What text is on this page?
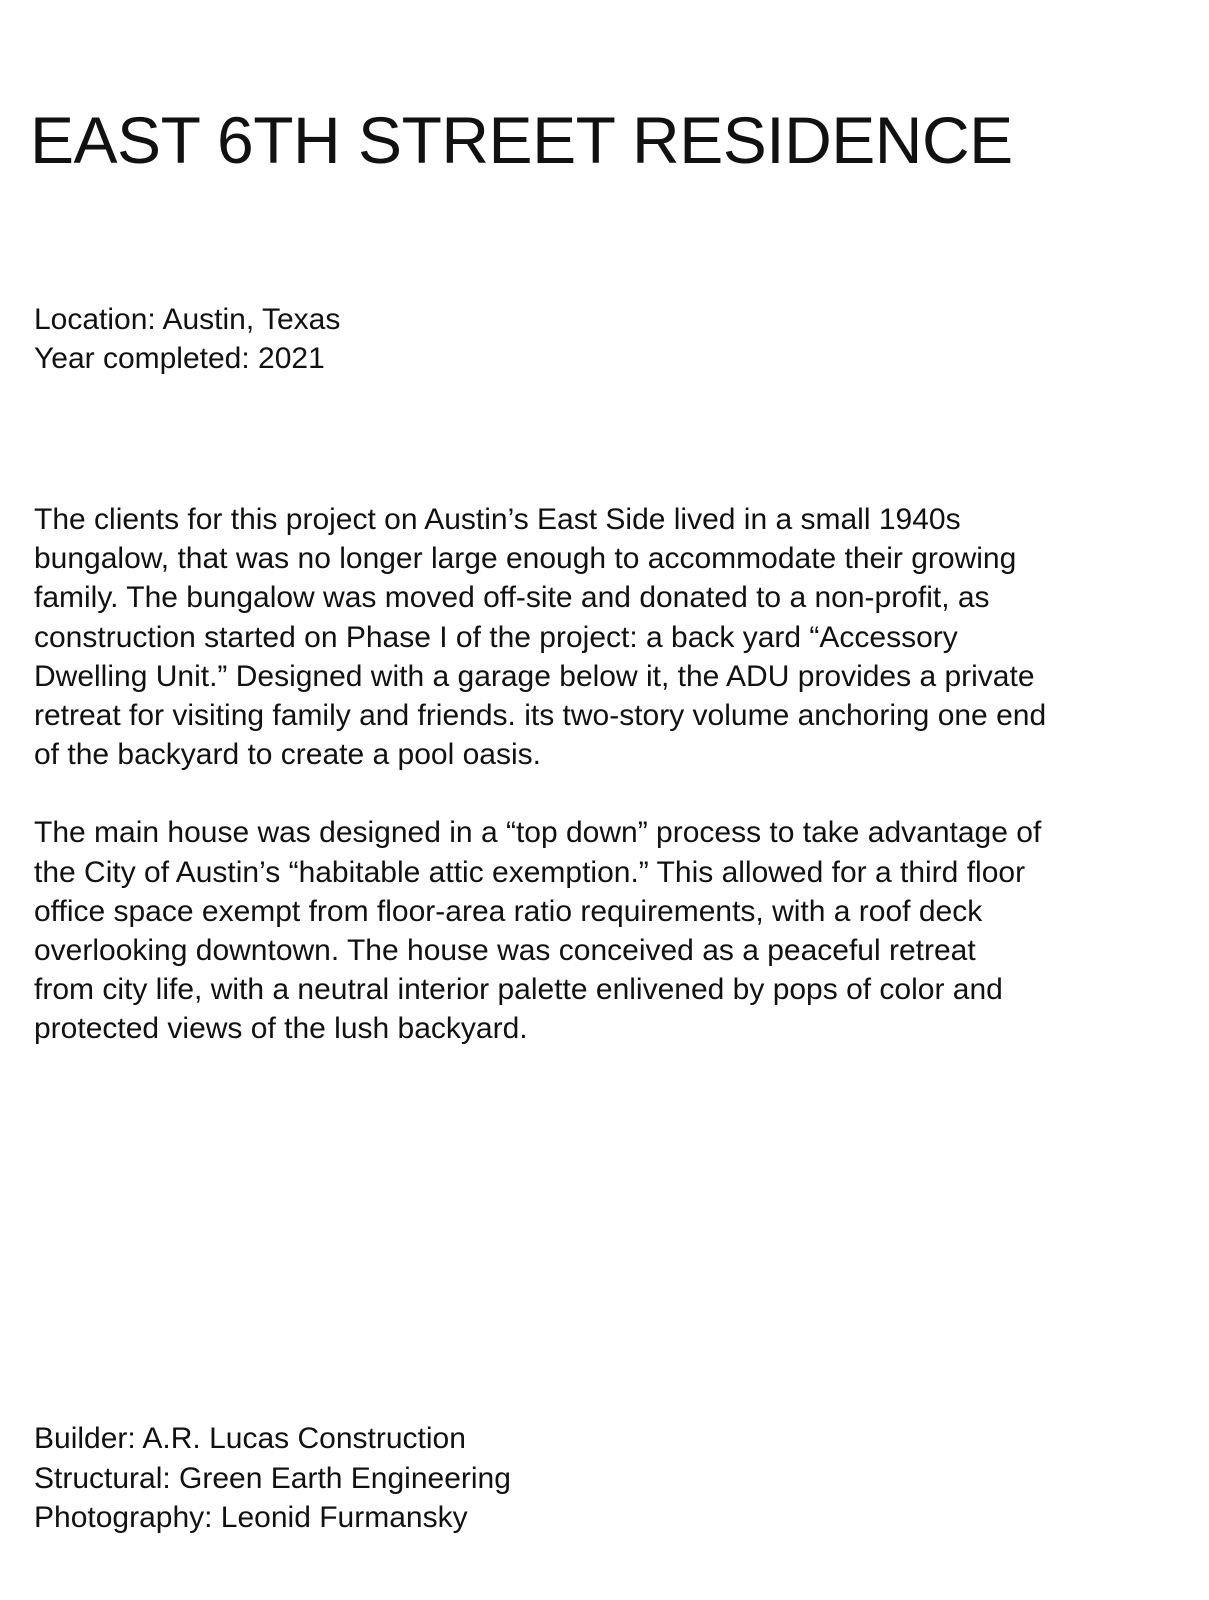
EAST 6TH STREET RESIDENCE
Location: Austin, Texas
Year completed: 2021

The clients for this project on Austin’s East Side lived in a small 1940s
bungalow, that was no longer large enough to accommodate their growing
family. The bungalow was moved off-site and donated to a non-profit, as
construction started on Phase I of the project: a back yard “Accessory
Dwelling Unit.” Designed with a garage below it, the ADU provides a private
retreat for visiting family and friends. its two-story volume anchoring one end
of the backyard to create a pool oasis.

The main house was designed in a “top down” process to take advantage of
the City of Austin’s “habitable attic exemption.” This allowed for a third floor
office space exempt from floor-area ratio requirements, with a roof deck
overlooking downtown. The house was conceived as a peaceful retreat
from city life, with a neutral interior palette enlivened by pops of color and
protected views of the lush backyard.

Builder: A.R. Lucas Construction
Structural: Green Earth Engineering
Photography: Leonid Furmansky
